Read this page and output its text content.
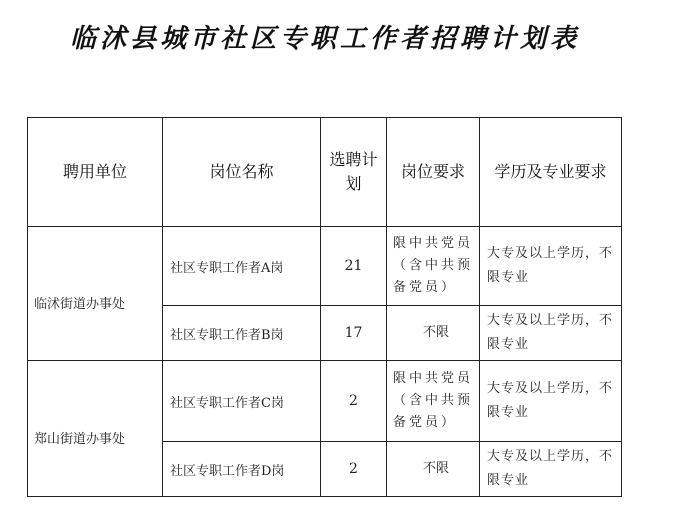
临沭县城市社区专职工作者招聘计划表
聘用单位	岗位名称	选聘计划	岗位要求	学历及专业要求

临沭街道办事处	社区专职工作者A岗	21	限中共党员（含中共预备党员）	大专及以上学历，不限专业
	社区专职工作者B岗	17	不限	大专及以上学历，不限专业

郑山街道办事处	社区专职工作者C岗	2	限中共党员（含中共预备党员）	大专及以上学历，不限专业
	社区专职工作者D岗	2	不限	大专及以上学历，不限专业
